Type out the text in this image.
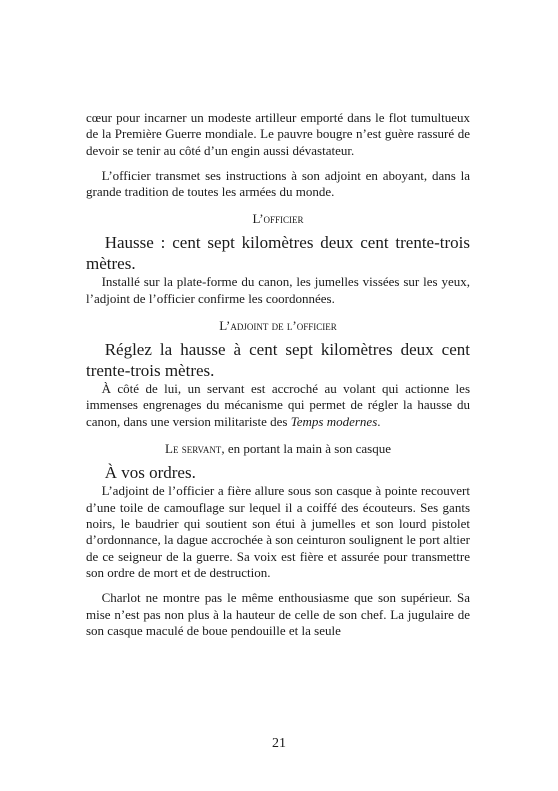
cœur pour incarner un modeste artilleur emporté dans le flot tumultueux de la Première Guerre mondiale. Le pauvre bougre n’est guère rassuré de devoir se tenir au côté d’un engin aussi dévastateur.

L’officier transmet ses instructions à son adjoint en aboyant, dans la grande tradition de toutes les armées du monde.

L’officier

Hausse : cent sept kilomètres deux cent trente-trois mètres.

Installé sur la plate-forme du canon, les jumelles vissées sur les yeux, l’adjoint de l’officier confirme les coordonnées.

L’adjoint de l’officier

Réglez la hausse à cent sept kilomètres deux cent trente-trois mètres.

À côté de lui, un servant est accroché au volant qui actionne les immenses engrenages du mécanisme qui permet de régler la hausse du canon, dans une version militariste des Temps modernes.

Le servant, en portant la main à son casque

À vos ordres.

L’adjoint de l’officier a fière allure sous son casque à pointe recouvert d’une toile de camouflage sur lequel il a coiffé des écouteurs. Ses gants noirs, le baudrier qui soutient son étui à jumelles et son lourd pistolet d’ordonnance, la dague accrochée à son ceinturon soulignent le port altier de ce seigneur de la guerre. Sa voix est fière et assurée pour transmettre son ordre de mort et de destruction.

Charlot ne montre pas le même enthousiasme que son supérieur. Sa mise n’est pas non plus à la hauteur de celle de son chef. La jugulaire de son casque maculé de boue pendouille et la seule

21
